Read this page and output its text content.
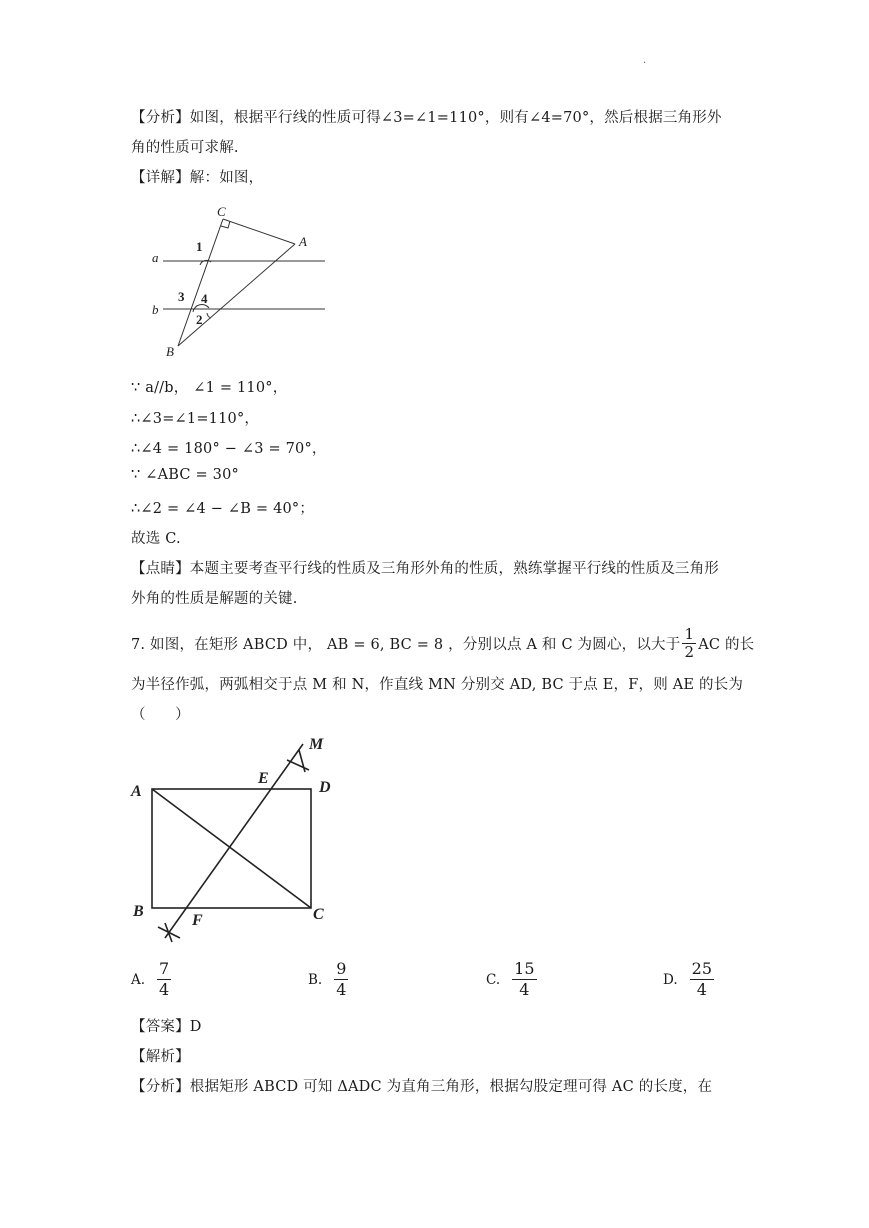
.
【分析】如图，根据平行线的性质可得∠3=∠1=110°，则有∠4=70°，然后根据三角形外
角的性质可求解.
【详解】解：如图，
C
A
B
a
b
1
3 4
2
∵ a//b， ∠1 = 110°，
∴∠3=∠1=110°，
∴∠4 = 180° − ∠3 = 70°，
∵ ∠ABC = 30°
∴∠2 = ∠4 − ∠B = 40°；
故选 C.
【点睛】本题主要考查平行线的性质及三角形外角的性质，熟练掌握平行线的性质及三角形
外角的性质是解题的关键.
7. 如图，在矩形 ABCD 中， AB = 6, BC = 8 ，分别以点 A 和 C 为圆心，以大于 $\frac{1}{2}$ AC 的长
为半径作弧，两弧相交于点 M 和 N，作直线 MN 分别交 AD, BC 于点 E，F，则 AE 的长为
（　　）
A
B	C
D
E
F
M
A. $\frac{7}{4}$	B. $\frac{9}{4}$	C. $\frac{15}{4}$	D. $\frac{25}{4}$
【答案】D
【解析】
【分析】根据矩形 ABCD 可知 ΔADC 为直角三角形，根据勾股定理可得 AC 的长度，在
